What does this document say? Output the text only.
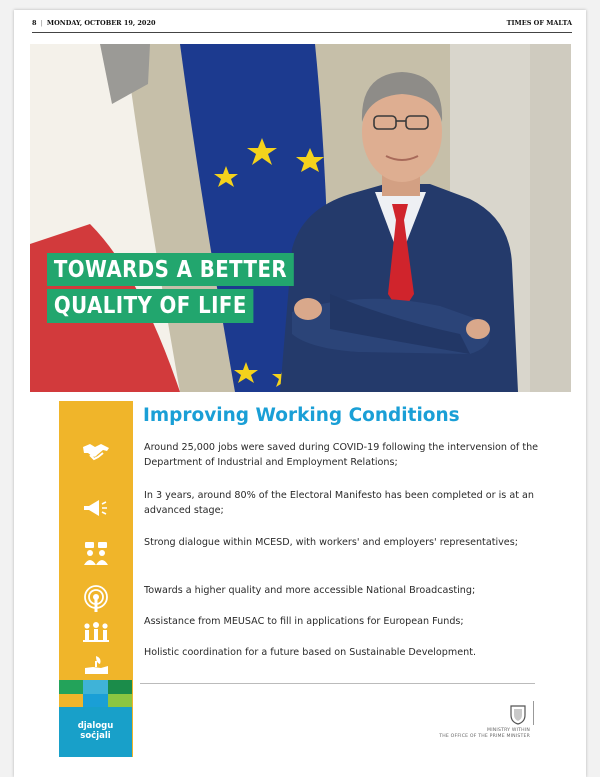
8 | MONDAY, OCTOBER 19, 2020	TIMES OF MALTA
TOWARDS A BETTER
QUALITY OF LIFE
djalogu
soċjali
Improving Working Conditions
Around 25,000 jobs were saved during COVID-19 following the intervension of the Department of Industrial and Employment Relations;
In 3 years, around 80% of the Electoral Manifesto has been completed or is at an advanced stage;
Strong dialogue within MCESD, with workers' and employers' representatives;
Towards a higher quality and more accessible National Broadcasting;
Assistance from MEUSAC to fill in applications for European Funds;
Holistic coordination for a future based on Sustainable Development.
MINISTRY WITHIN
THE OFFICE OF THE PRIME MINISTER
